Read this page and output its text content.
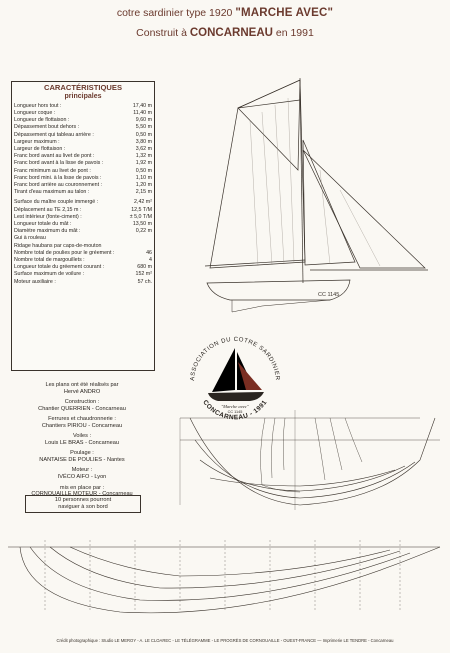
cotre sardinier type 1920 "MARCHE AVEC"
Construit à CONCARNEAU en 1991
CARACTÉRISTIQUES
principales
Longueur hors tout :	17,40 m
Longueur coque :	11,40 m
Longueur de flottaison :	9,60 m
Dépassement bout dehors :	5,50 m
Dépassement qui tableau arrière :	0,50 m
Largeur maximum :	3,80 m
Largeur de flottaison :	3,62 m
Franc bord avant au livet de pont :	1,32 m
Franc bord avant à la lisse de pavois :	1,92 m
Franc minimum au livet de pont :	0,50 m
Franc bord mini. à la lisse de pavois :	1,10 m
Franc bord arrière au couronnement :	1,20 m
Tirant d'eau maximum au talon :	2,15 m
Surface du maître couple immergé :	2,42 m²
Déplacement au TE 2,15 m :	12,5 T/M
Lest intérieur (fonte-ciment) :	± 5,0 T/M
Longueur totale du mât :	13,50 m
Diamètre maximum du mât :	0,22 m
Gui à rouleau	
Ridage haubans par caps-de-mouton	
Nombre total de poulies pour le gréement :	46
Nombre total de margouillets :	4
Longueur totale du gréement courant :	680 m
Surface maximum de voilure :	152 m²
Moteur auxiliaire :	57 ch.
Les plans ont été réalisés par
Hervé ANDRO
Construction :
Chantier QUERRIEN - Concarneau
Ferrures et chaudronnerie :
Chantiers PIRIOU - Concarneau
Voiles :
Louis LE BRAS - Concarneau
Poulage :
NANTAISE DE POULIES - Nantes
Moteur :
IVÉCO AIFO - Lyon
mis en place par :
CORNOUAILLE MOTEUR - Concarneau
10 personnes pourront
naviguer à son bord
CC 1145
ASSOCIATION DU COTRE SARDINIER
CONCARNEAU - 1991
"Marche avec"
CC 1145
Crédit photographique : Studio LE MEROY - A. LE CLOAREC - LE TÉLÉGRAMME - LE PROGRÈS DE CORNOUAILLE - OUEST-FRANCE — Imprimerie LE TENDRE - Concarneau
